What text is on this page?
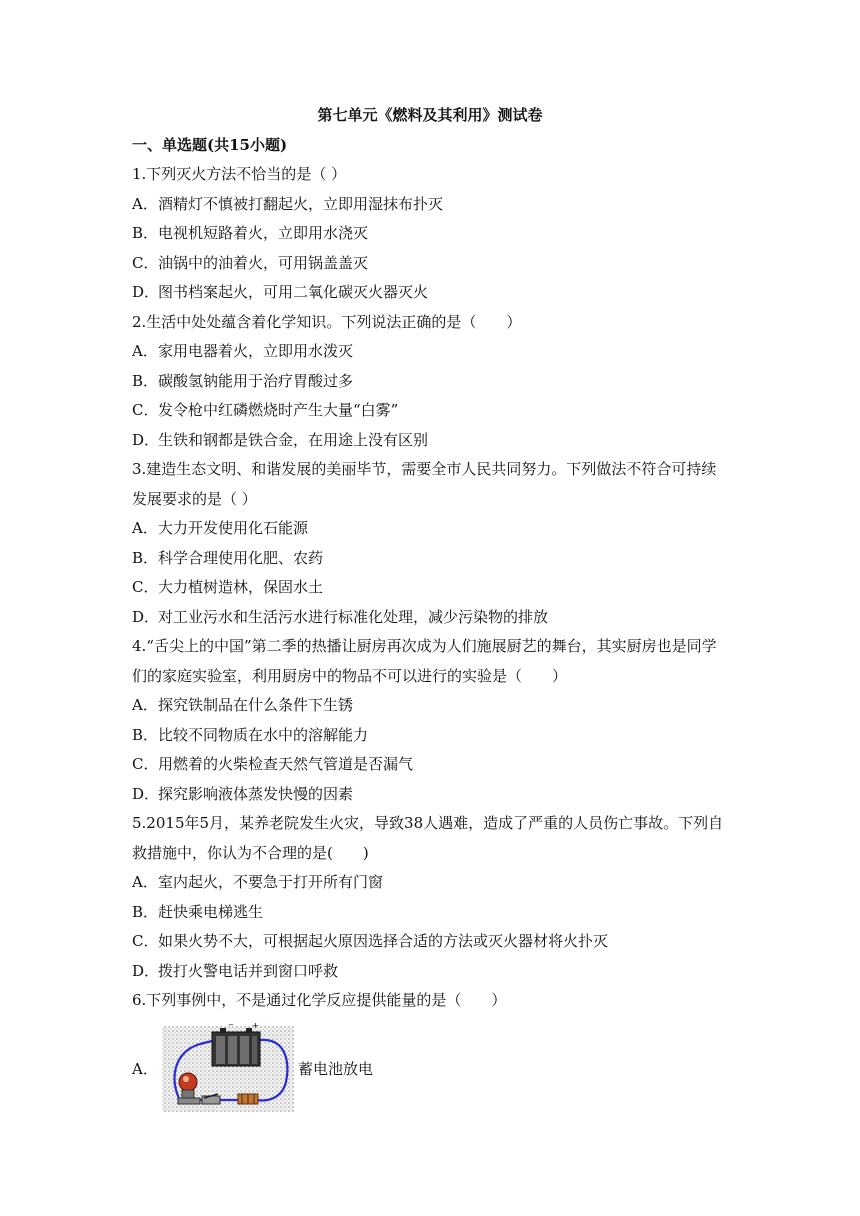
第七单元《燃料及其利用》测试卷
一、单选题(共15小题)
1.下列灭火方法不恰当的是（ ）
A．酒精灯不慎被打翻起火，立即用湿抹布扑灭
B．电视机短路着火，立即用水浇灭
C．油锅中的油着火，可用锅盖盖灭
D．图书档案起火，可用二氧化碳灭火器灭火
2.生活中处处蕴含着化学知识。下列说法正确的是（　　）
A．家用电器着火，立即用水泼灭
B．碳酸氢钠能用于治疗胃酸过多
C．发令枪中红磷燃烧时产生大量“白雾”
D．生铁和钢都是铁合金，在用途上没有区别
3.建造生态文明、和谐发展的美丽毕节，需要全市人民共同努力。下列做法不符合可持续
发展要求的是（ ）
A．大力开发使用化石能源
B．科学合理使用化肥、农药
C．大力植树造林，保固水土
D．对工业污水和生活污水进行标准化处理，减少污染物的排放
4.“舌尖上的中国”第二季的热播让厨房再次成为人们施展厨艺的舞台，其实厨房也是同学
们的家庭实验室，利用厨房中的物品不可以进行的实验是（　　）
A．探究铁制品在什么条件下生锈
B．比较不同物质在水中的溶解能力
C．用燃着的火柴检查天然气管道是否漏气
D．探究影响液体蒸发快慢的因素
5.2015年5月，某养老院发生火灾，导致38人遇难，造成了严重的人员伤亡事故。下列自
救措施中，你认为不合理的是(　　)
A．室内起火，不要急于打开所有门窗
B．赶快乘电梯逃生
C．如果火势不大，可根据起火原因选择合适的方法或灭火器材将火扑灭
D．拨打火警电话并到窗口呼救
6.下列事例中，不是通过化学反应提供能量的是（　　）
A．
− +
蓄电池放电
